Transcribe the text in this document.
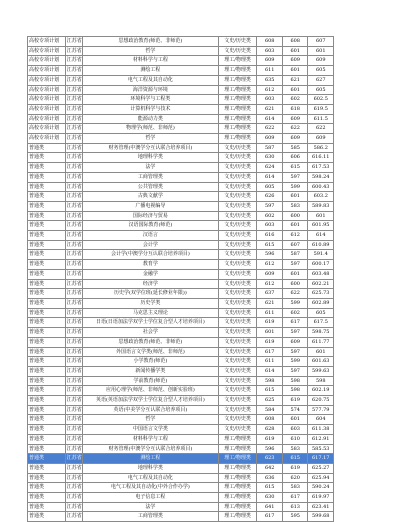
高校专项计划	江苏省	思想政治教育(师范、非师范)	文史/历史类	608	608	607
高校专项计划	江苏省	哲学	文史/历史类	603	601	601
高校专项计划	江苏省	材料科学与工程	理工/物理类	609	609	609
高校专项计划	江苏省	测绘工程	理工/物理类	611	601	605
高校专项计划	江苏省	电气工程及其自动化	理工/物理类	635	621	627
高校专项计划	江苏省	海洋资源与环境	理工/物理类	612	601	605
高校专项计划	江苏省	环境科学与工程类	理工/物理类	603	602	602.5
高校专项计划	江苏省	计算机科学与技术	理工/物理类	621	618	619.5
高校专项计划	江苏省	能源动力类	理工/物理类	614	609	611.5
高校专项计划	江苏省	物理学(师范、非师范)	理工/物理类	622	622	622
高校专项计划	江苏省	哲学	理工/物理类	609	609	609
普通类	江苏省	财务管理(中澳学分互认联合培养项目)	文史/历史类	587	585	586.2
普通类	江苏省	地理科学类	文史/历史类	630	606	616.11
普通类	江苏省	法学	文史/历史类	624	615	617.53
普通类	江苏省	工商管理类	文史/历史类	614	597	598.24
普通类	江苏省	公共管理类	文史/历史类	605	599	600.43
普通类	江苏省	古典文献学	文史/历史类	626	601	603.2
普通类	江苏省	广播电视编导	文史/历史类	597	583	589.83
普通类	江苏省	国际经济与贸易	文史/历史类	602	600	601
普通类	江苏省	汉语国际教育(师范)	文史/历史类	603	601	601.95
普通类	江苏省	汉语言	文史/历史类	616	612	614
普通类	江苏省	会计学	文史/历史类	615	607	610.89
普通类	江苏省	会计学(中澳学分互认联合培养项目)	文史/历史类	596	587	591.4
普通类	江苏省	教育学	文史/历史类	612	597	600.17
普通类	江苏省	金融学	文史/历史类	609	601	603.48
普通类	江苏省	经济学	文史/历史类	612	600	602.21
普通类	江苏省	历史学(双学位班(延长修业年限))	文史/历史类	637	622	625.73
普通类	江苏省	历史学类	文史/历史类	621	599	602.89
普通类	江苏省	马克思主义理论	文史/历史类	611	602	605
普通类	江苏省	日语(日语加法学双学士学位复合型人才培养项目)	文史/历史类	619	617	617.5
普通类	江苏省	社会学	文史/历史类	601	597	598.75
普通类	江苏省	思想政治教育(师范、非师范)	文史/历史类	619	609	611.77
普通类	江苏省	外国语言文学类(师范、非师范)	文史/历史类	617	597	601
普通类	江苏省	小学教育(师范)	文史/历史类	611	599	601.63
普通类	江苏省	新闻传播学类	文史/历史类	614	597	599.63
普通类	江苏省	学前教育(师范)	文史/历史类	598	598	598
普通类	江苏省	应用心理学(师范、非师范、创新实验班)	文史/历史类	615	598	602.19
普通类	江苏省	英语(英语加法学双学士学位复合型人才培养项目)	文史/历史类	625	619	620.75
普通类	江苏省	英语(中美学分互认联合培养项目)	文史/历史类	584	574	577.79
普通类	江苏省	哲学	文史/历史类	608	601	604
普通类	江苏省	中国语言文学类	文史/历史类	628	603	611.38
普通类	江苏省	材料科学与工程	理工/物理类	619	610	612.91
普通类	江苏省	财务管理(中澳学分互认联合培养项目)	理工/物理类	596	583	585.53
普通类	江苏省	测绘工程	理工/物理类	623	615	617.17
普通类	江苏省	地理科学类	理工/物理类	642	619	625.27
普通类	江苏省	电气工程及其自动化	理工/物理类	636	620	625.94
普通类	江苏省	电气工程及其自动化(中外合作办学)	理工/物理类	615	583	590.24
普通类	江苏省	电子信息工程	理工/物理类	630	617	619.97
普通类	江苏省	法学	理工/物理类	641	613	623.41
普通类	江苏省	工商管理类	理工/物理类	617	595	599.68
